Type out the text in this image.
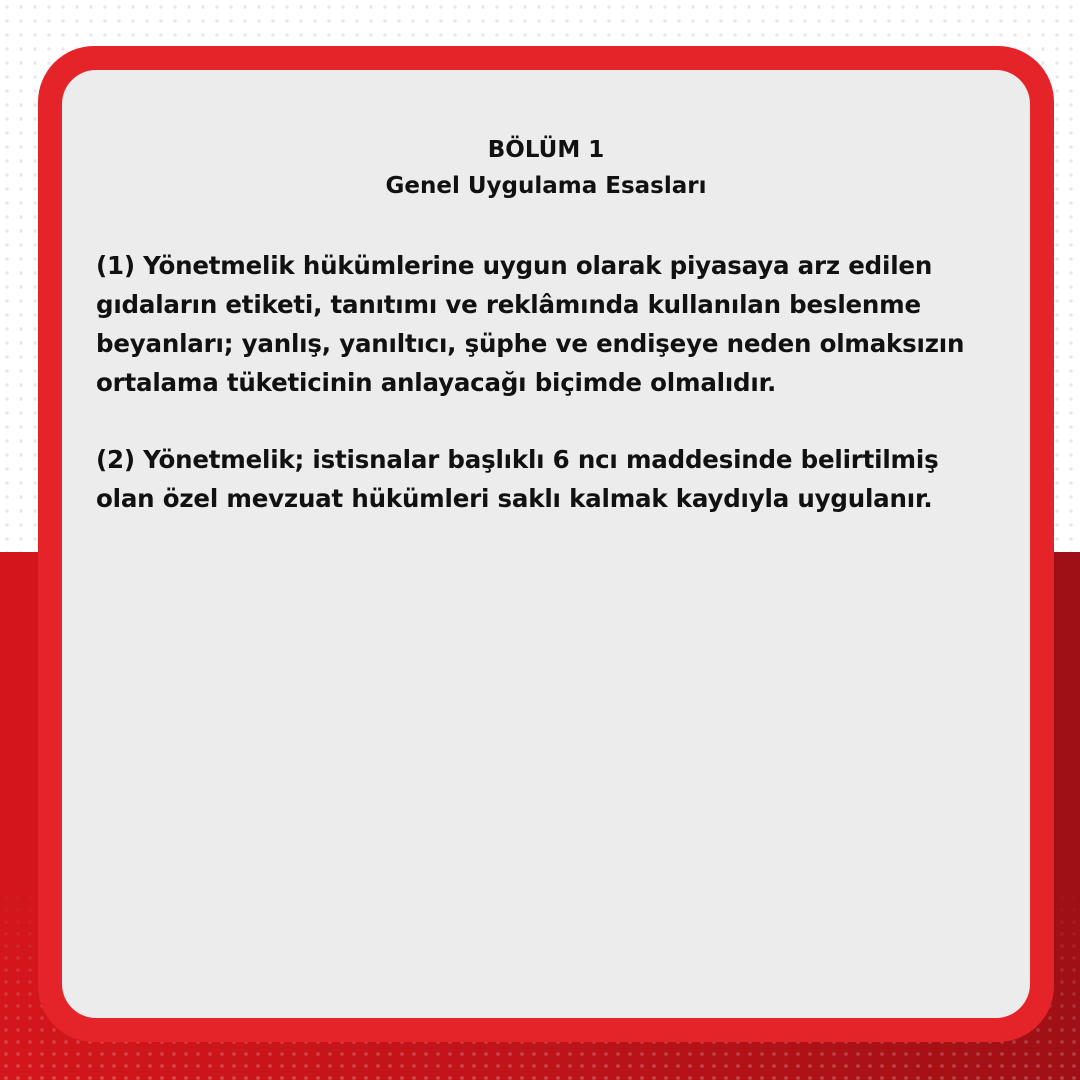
BÖLÜM 1
Genel Uygulama Esasları

(1) Yönetmelik hükümlerine uygun olarak piyasaya arz edilen gıdaların etiketi, tanıtımı ve reklâmında kullanılan beslenme beyanları; yanlış, yanıltıcı, şüphe ve endişeye neden olmaksızın ortalama tüketicinin anlayacağı biçimde olmalıdır.

(2) Yönetmelik; istisnalar başlıklı 6 ncı maddesinde belirtilmiş olan özel mevzuat hükümleri saklı kalmak kaydıyla uygulanır.
